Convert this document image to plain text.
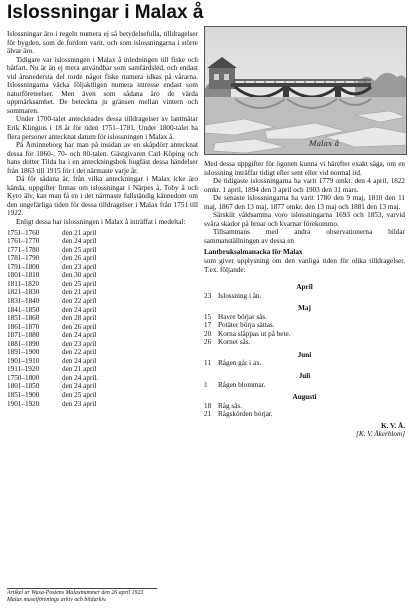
Islossningar i Malax å

Islossningar äro i regeln numera ej så betydelsefulla, tilldragelser för bygden, som de fordom varit, och som islossningarna i större älvar äro.

Tidigare var islossningen i Malax å inledningen till fiske och båtfart. Nu är än ej mera användbar som samfärdsled, och endast vid ånsnedersta del torde något fiske numera idkas på vårarna. Islossningarna väcka följaktligen numera intresse endast som naturföreteelser. Men även som sådana äro de värda uppmärksamhet. De beteckna ju gränsen mellan vintern och sommaren.

Under 1700-talet antecknades dessa tilldragelser av lantmätar Erik Klingius i 18 år för tiden 1751–1781. Under 1800-talet ha flera personer antecknat datum för islossningen i Malax å.

På Åminneborg har man på insidan av en skåpdörr antecknat dessa för 1860-, 70- och 80-talen. Gästgivaren Carl Köping och hans dotter Tilda ha i en anteckningsbok hugfäst dessa händelser från 1863 till 1915 för i det närmaste varje år.

Då för sådana år, från vilka anteckningar i Malax icke äro kända, uppgifter finnas om islossningar i Närpes å, Toby å och Kyro älv, kan man få en i det närmaste fullständig kännedom om den ungefärliga tiden för dessa tilldragelser i Malax från 1751 till 1922.

Enligt dessa har islossningen i Malax å inträffat i medeltal:

1751–1760	den 21 april
1761–1770	den 24 april
1771–1780	den 25 april
1781–1790	den 26 april
1791–1800	den 23 april
1801–1810	den 30 april
1811–1820	den 25 april
1821–1830	den 21 april
1831–1840	den 22 april
1841–1850	den 24 april
1851–1860	den 28 april
1861–1870	den 26 april
1871–1880	den 24 april
1881–1890	den 23 april
1891–1900	den 22 april
1901–1910	den 24 april
1911–1920	den 21 april
1750–1800	den 24 april.
1801–1850	den 24 april
1851–1900	den 25 april
1901–1920	den 23 april
Malax å

Med dessa uppgifter för ögonen kunna vi härefter exakt säga, om en islossning inträffar tidigt eller sent eller vid normal tid.

De tidigaste islossningarna ha varit 1779 omkr. den 4 april, 1822 omkr. 1 april, 1894 den 3 april och 1903 den 31 mars.

De senaste islossningarna ha varit 1780 den 9 maj, 1810 den 11 maj, 1867 den 13 maj, 1877 omkr. den 13 maj och 1881 den 13 maj.

Särskilt våldsamma voro islossningarna 1693 och 1853, varvid svåra skador på broar och kvarnar förekommo.

Tillsammans med andra observationerna bildar sammanställningen av dessa en

Lantbruksalmanacka för Malax

som giver upplysning om den vanliga tiden för olika tilldragelser. T.ex. följande:

April
23 Islossning i ån.
Maj
15 Havre börjar sås.
17 Potäter börja sättas.
20 Korna släppas ut på bete.
26 Kornet sås.
Juni
11 Rågen går i ax.
Juli
1	Rågen blommar.
Augusti
18 Råg sås.
21 Rågskörden börjar.
K. V. Å.
[K. V. Åkerblom]
Artikel ur Wasa-Postens Malaxnummer den 26 april 1923
Malax museiförenings arkiv och bildarkiv.
